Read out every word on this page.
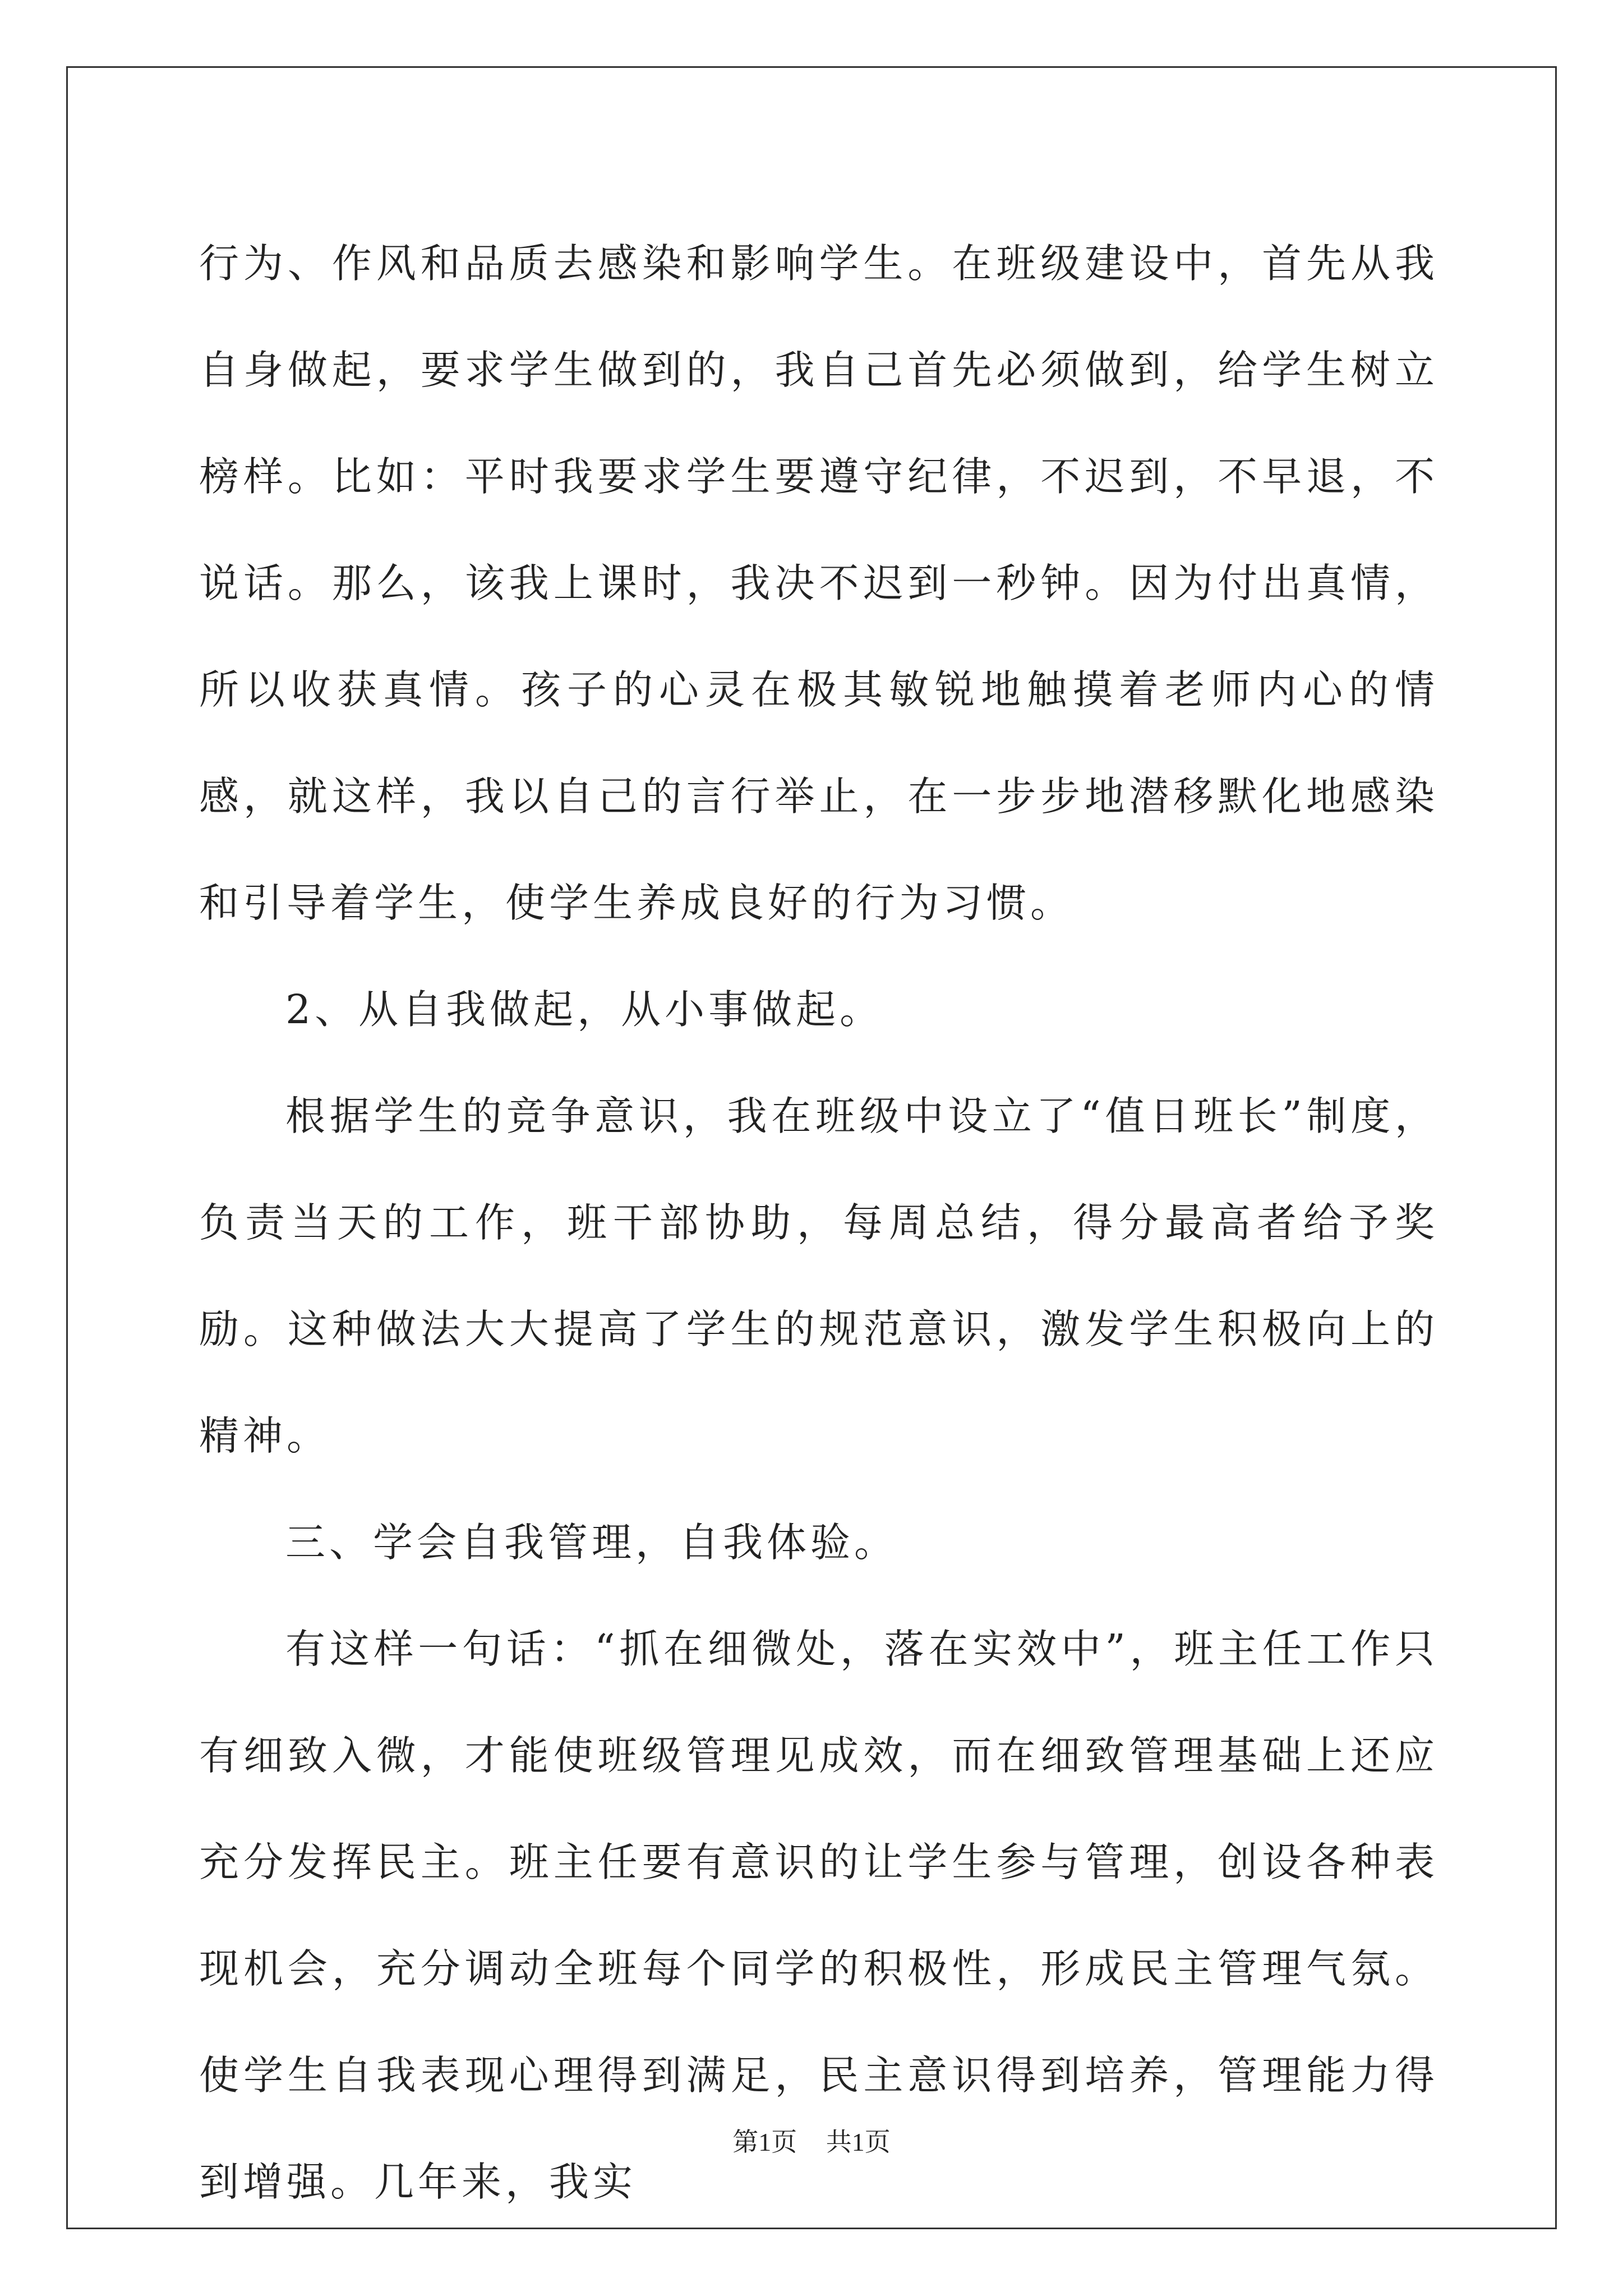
行为、作风和品质去感染和影响学生。在班级建设中，首先从我自身做起，要求学生做到的，我自己首先必须做到，给学生树立榜样。比如：平时我要求学生要遵守纪律，不迟到，不早退，不说话。那么，该我上课时，我决不迟到一秒钟。因为付出真情，所以收获真情。孩子的心灵在极其敏锐地触摸着老师内心的情感，就这样，我以自己的言行举止，在一步步地潜移默化地感染和引导着学生，使学生养成良好的行为习惯。

2、从自我做起，从小事做起。

根据学生的竞争意识，我在班级中设立了“值日班长”制度，负责当天的工作，班干部协助，每周总结，得分最高者给予奖励。这种做法大大提高了学生的规范意识，激发学生积极向上的精神。

三、学会自我管理，自我体验。

有这样一句话：“抓在细微处，落在实效中”，班主任工作只有细致入微，才能使班级管理见成效，而在细致管理基础上还应充分发挥民主。班主任要有意识的让学生参与管理，创设各种表现机会，充分调动全班每个同学的积极性，形成民主管理气氛。使学生自我表现心理得到满足，民主意识得到培养，管理能力得到增强。几年来，我实

第1页 共1页
